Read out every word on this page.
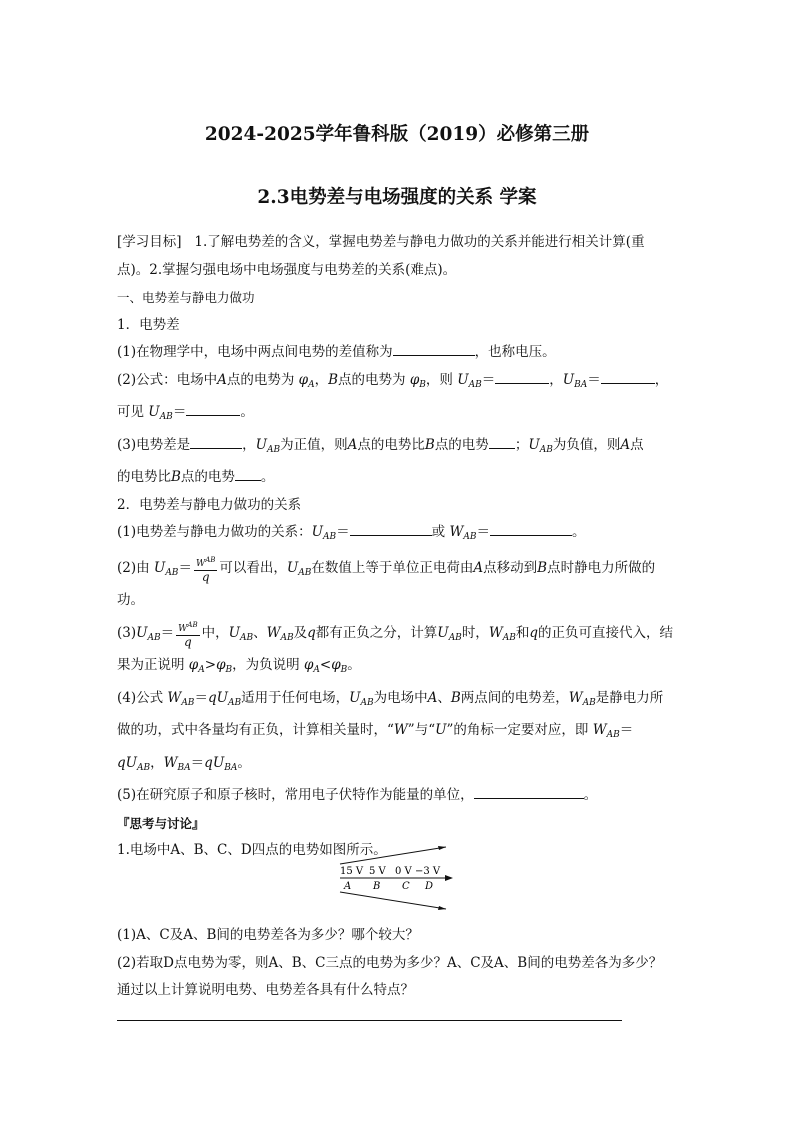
2024-2025学年鲁科版（2019）必修第三册
2.3电势差与电场强度的关系 学案

[学习目标] 1.了解电势差的含义，掌握电势差与静电力做功的关系并能进行相关计算(重
点)。2.掌握匀强电场中电场强度与电势差的关系(难点)。

一、电势差与静电力做功

1．电势差

(1)在物理学中，电场中两点间电势的差值称为	，也称电压。

(2)公式：电场中A点的电势为 $\varphi_A$，B点的电势为 $\varphi_B$，则 $U_{AB}=$	，$U_{BA}=$	，
可见 $U_{AB}=$	。

(3)电势差是	，$U_{AB}$为正值，则A点的电势比B点的电势 ；$U_{AB}$为负值，则A点
的电势比B点的电势 。

2．电势差与静电力做功的关系

(1)电势差与静电力做功的关系：$U_{AB}=$	或 $W_{AB}=$	。

(2)由 $U_{AB}= \frac{W^{AB}}{q}$ 可以看出，$U_{AB}$在数值上等于单位正电荷由A点移动到B点时静电力所做的
功。

$(3)U_{AB}= \frac{W^{AB}}{q}$ 中，$U_{AB}$、$W_{AB}$及q都有正负之分，计算$U_{AB}$时，$W_{AB}$和q的正负可直接代入，结
果为正说明 $\varphi_A>\varphi_B$，为负说明 $\varphi_A<\varphi_B$。

(4)公式 $W_{AB}=qU_{AB}$适用于任何电场，$U_{AB}$为电场中A、B两点间的电势差，$W_{AB}$是静电力所
做的功，式中各量均有正负，计算相关量时，“W”与“U”的角标一定要对应，即 $W_{AB}=$
$qU_{AB}$，$W_{BA}=qU_{BA}$。

(5)在研究原子和原子核时，常用电子伏特作为能量的单位，	。

『思考与讨论』

1.电场中A、B、C、D四点的电势如图所示。

15 V 5 V 0 V −3 V
A B C D

(1)A、C及A、B间的电势差各为多少？哪个较大？

(2)若取D点电势为零，则A、B、C三点的电势为多少？A、C及A、B间的电势差各为多少？

通过以上计算说明电势、电势差各具有什么特点？
